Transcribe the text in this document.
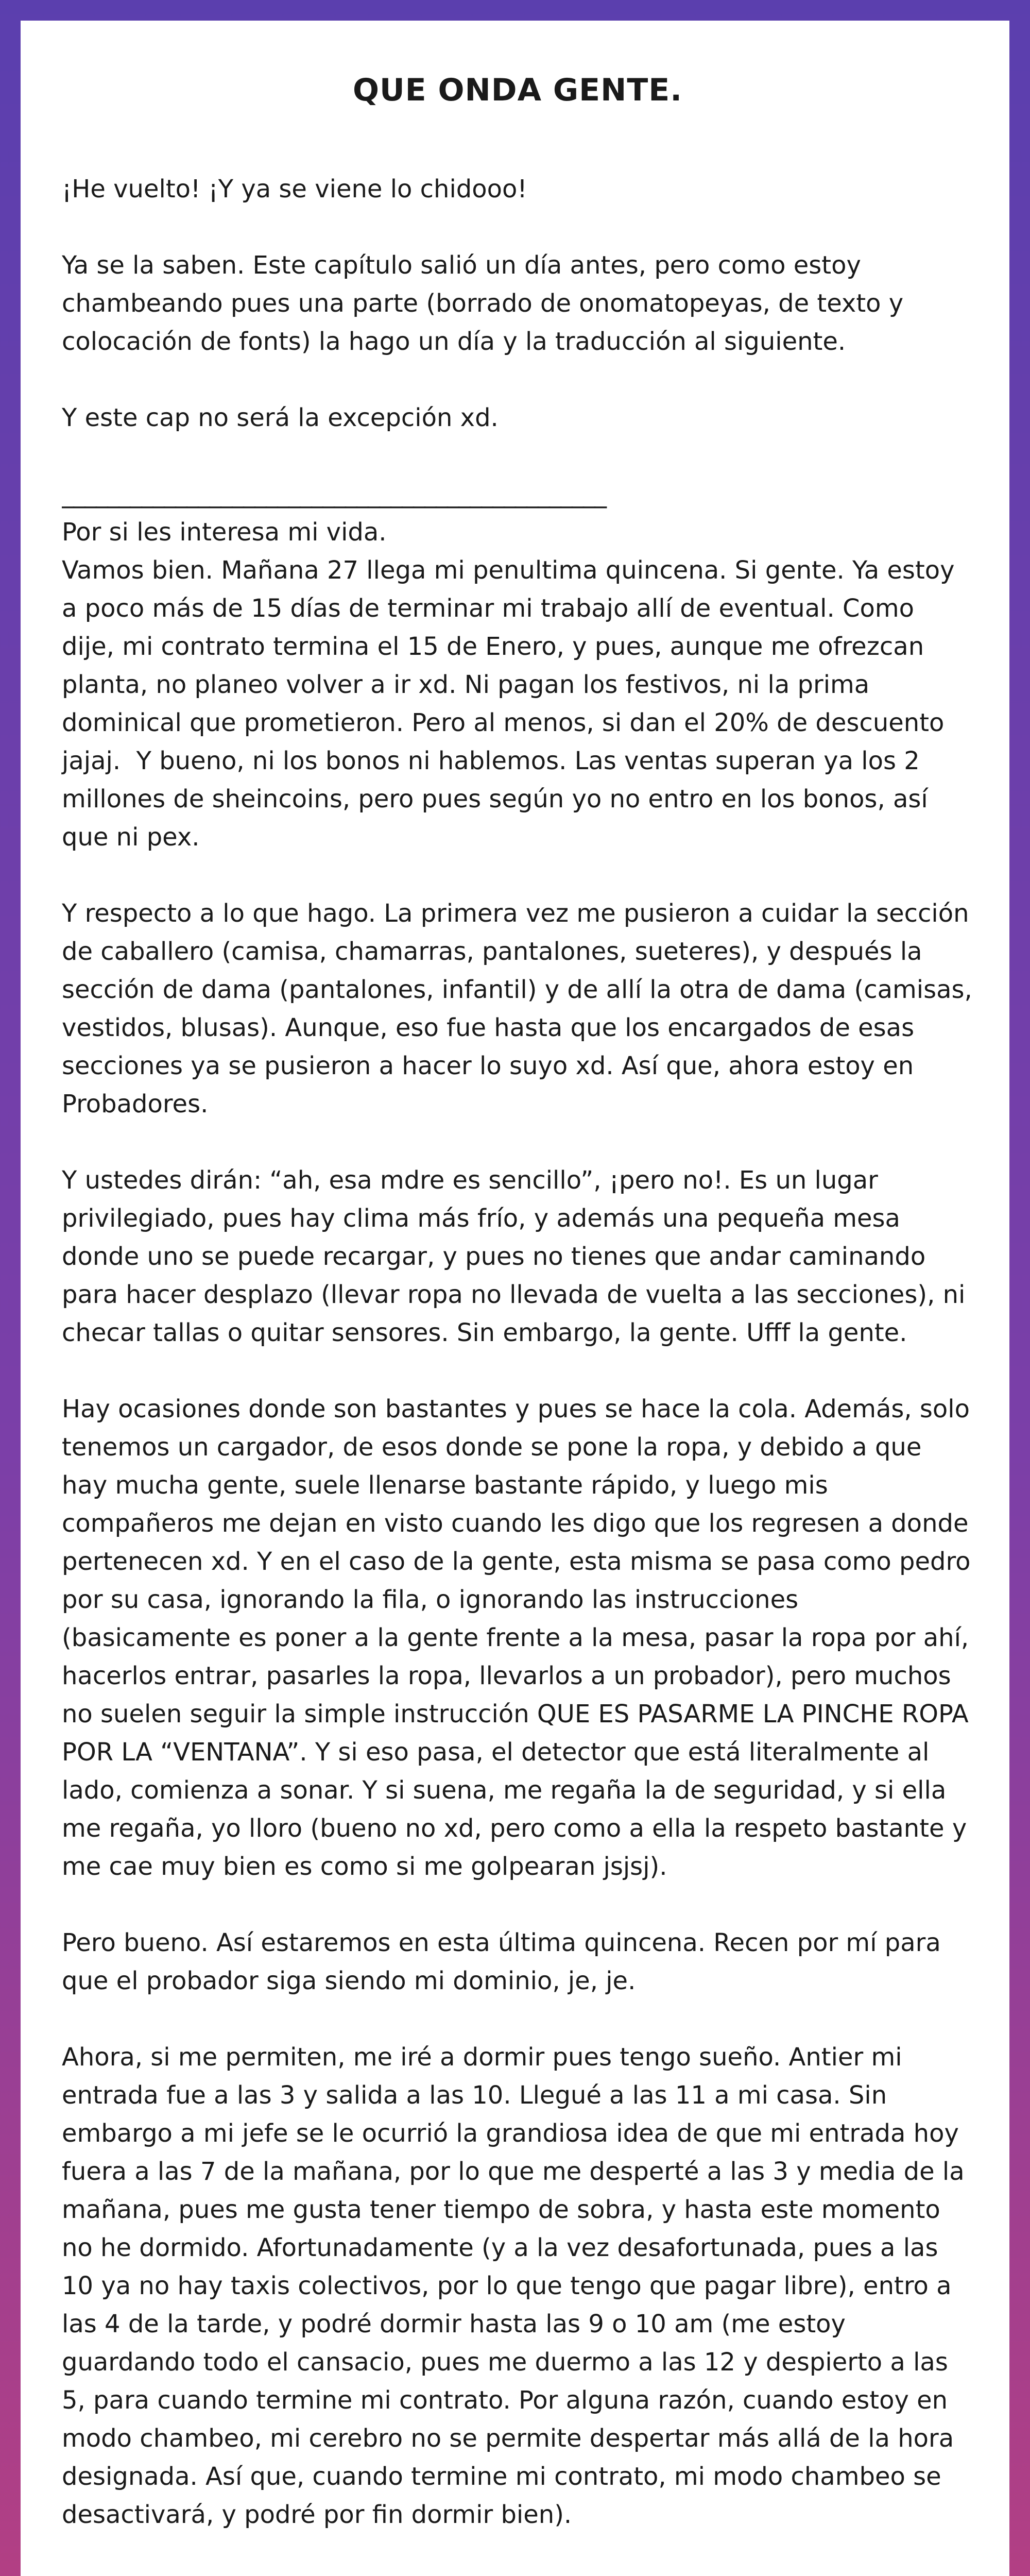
QUE ONDA GENTE.
¡He vuelto! ¡Y ya se viene lo chidooo!
Ya se la saben. Este capítulo salió un día antes, pero como estoy chambeando pues una parte (borrado de onomatopeyas, de texto y colocación de fonts) la hago un día y la traducción al siguiente.
Y este cap no será la excepción xd.
________________________________________________
Por si les interesa mi vida.
Vamos bien. Mañana 27 llega mi penultima quincena. Si gente. Ya estoy a poco más de 15 días de terminar mi trabajo allí de eventual. Como dije, mi contrato termina el 15 de Enero, y pues, aunque me ofrezcan planta, no planeo volver a ir xd. Ni pagan los festivos, ni la prima dominical que prometieron. Pero al menos, si dan el 20% de descuento jajaj.  Y bueno, ni los bonos ni hablemos. Las ventas superan ya los 2 millones de sheincoins, pero pues según yo no entro en los bonos, así que ni pex.
Y respecto a lo que hago. La primera vez me pusieron a cuidar la sección de caballero (camisa, chamarras, pantalones, sueteres), y después la sección de dama (pantalones, infantil) y de allí la otra de dama (camisas, vestidos, blusas). Aunque, eso fue hasta que los encargados de esas secciones ya se pusieron a hacer lo suyo xd. Así que, ahora estoy en Probadores.
Y ustedes dirán: “ah, esa mdre es sencillo”, ¡pero no!. Es un lugar privilegiado, pues hay clima más frío, y además una pequeña mesa donde uno se puede recargar, y pues no tienes que andar caminando para hacer desplazo (llevar ropa no llevada de vuelta a las secciones), ni checar tallas o quitar sensores. Sin embargo, la gente. Ufff la gente.
Hay ocasiones donde son bastantes y pues se hace la cola. Además, solo tenemos un cargador, de esos donde se pone la ropa, y debido a que hay mucha gente, suele llenarse bastante rápido, y luego mis compañeros me dejan en visto cuando les digo que los regresen a donde pertenecen xd. Y en el caso de la gente, esta misma se pasa como pedro por su casa, ignorando la fila, o ignorando las instrucciones (basicamente es poner a la gente frente a la mesa, pasar la ropa por ahí, hacerlos entrar, pasarles la ropa, llevarlos a un probador), pero muchos no suelen seguir la simple instrucción QUE ES PASARME LA PINCHE ROPA POR LA “VENTANA”. Y si eso pasa, el detector que está literalmente al lado, comienza a sonar. Y si suena, me regaña la de seguridad, y si ella me regaña, yo lloro (bueno no xd, pero como a ella la respeto bastante y me cae muy bien es como si me golpearan jsjsj).
Pero bueno. Así estaremos en esta última quincena. Recen por mí para que el probador siga siendo mi dominio, je, je.
Ahora, si me permiten, me iré a dormir pues tengo sueño. Antier mi entrada fue a las 3 y salida a las 10. Llegué a las 11 a mi casa. Sin embargo a mi jefe se le ocurrió la grandiosa idea de que mi entrada hoy fuera a las 7 de la mañana, por lo que me desperté a las 3 y media de la mañana, pues me gusta tener tiempo de sobra, y hasta este momento no he dormido. Afortunadamente (y a la vez desafortunada, pues a las 10 ya no hay taxis colectivos, por lo que tengo que pagar libre), entro a las 4 de la tarde, y podré dormir hasta las 9 o 10 am (me estoy guardando todo el cansacio, pues me duermo a las 12 y despierto a las 5, para cuando termine mi contrato. Por alguna razón, cuando estoy en modo chambeo, mi cerebro no se permite despertar más allá de la hora designada. Así que, cuando termine mi contrato, mi modo chambeo se desactivará, y podré por fin dormir bien).
